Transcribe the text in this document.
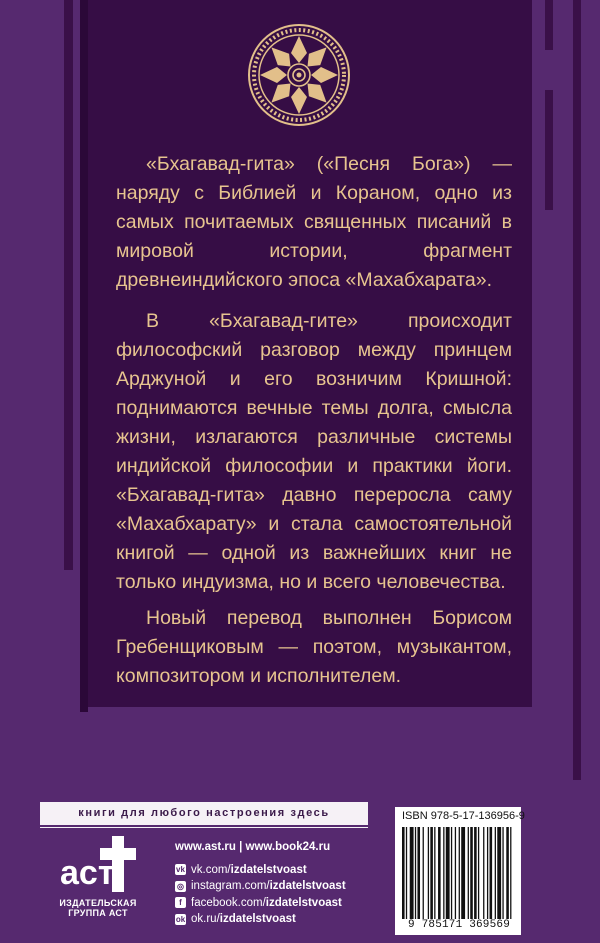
«Бхагавад-гита» («Песня Бога») — наряду с Библией и Кораном, одно из самых почитаемых священных писаний в мировой истории, фрагмент древнеиндийского эпоса «Махабхарата».

В «Бхагавад-гите» происходит философский разговор между принцем Арджуной и его возничим Кришной: поднимаются вечные темы долга, смысла жизни, излагаются различные системы индийской философии и практики йоги. «Бхагавад-гита» давно переросла саму «Махабхарату» и стала самостоятельной книгой — одной из важнейших книг не только индуизма, но и всего человечества.

Новый перевод выполнен Борисом Гребенщиковым — поэтом, музыкантом, композитором и исполнителем.

книги для любого настроения здесь
аст
ИЗДАТЕЛЬСКАЯ ГРУППА АСТ
www.ast.ru | www.book24.ru
vk vk.com/ izdatelstvoast
◎ instagram.com/ izdatelstvoast
f facebook.com/ izdatelstvoast
ok ok.ru/ izdatelstvoast
ISBN 978-5-17-136956-9
9 785171 369569
